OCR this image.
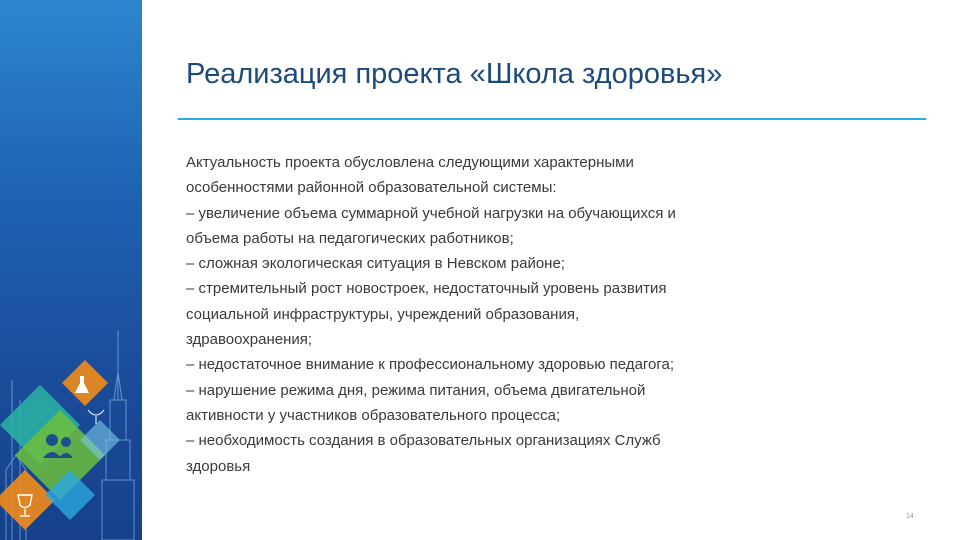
Реализация проекта «Школа здоровья»
Актуальность проекта обусловлена следующими характерными
особенностями районной образовательной системы:
– увеличение объема суммарной учебной нагрузки на обучающихся и
объема работы на педагогических работников;
– сложная экологическая ситуация в Невском районе;
– стремительный рост новостроек, недостаточный уровень развития
социальной инфраструктуры, учреждений образования,
здравоохранения;
– недостаточное внимание к профессиональному здоровью педагога;
– нарушение режима дня, режима питания, объема двигательной
активности у участников образовательного процесса;
– необходимость создания в образовательных организациях Служб
здоровья
14
